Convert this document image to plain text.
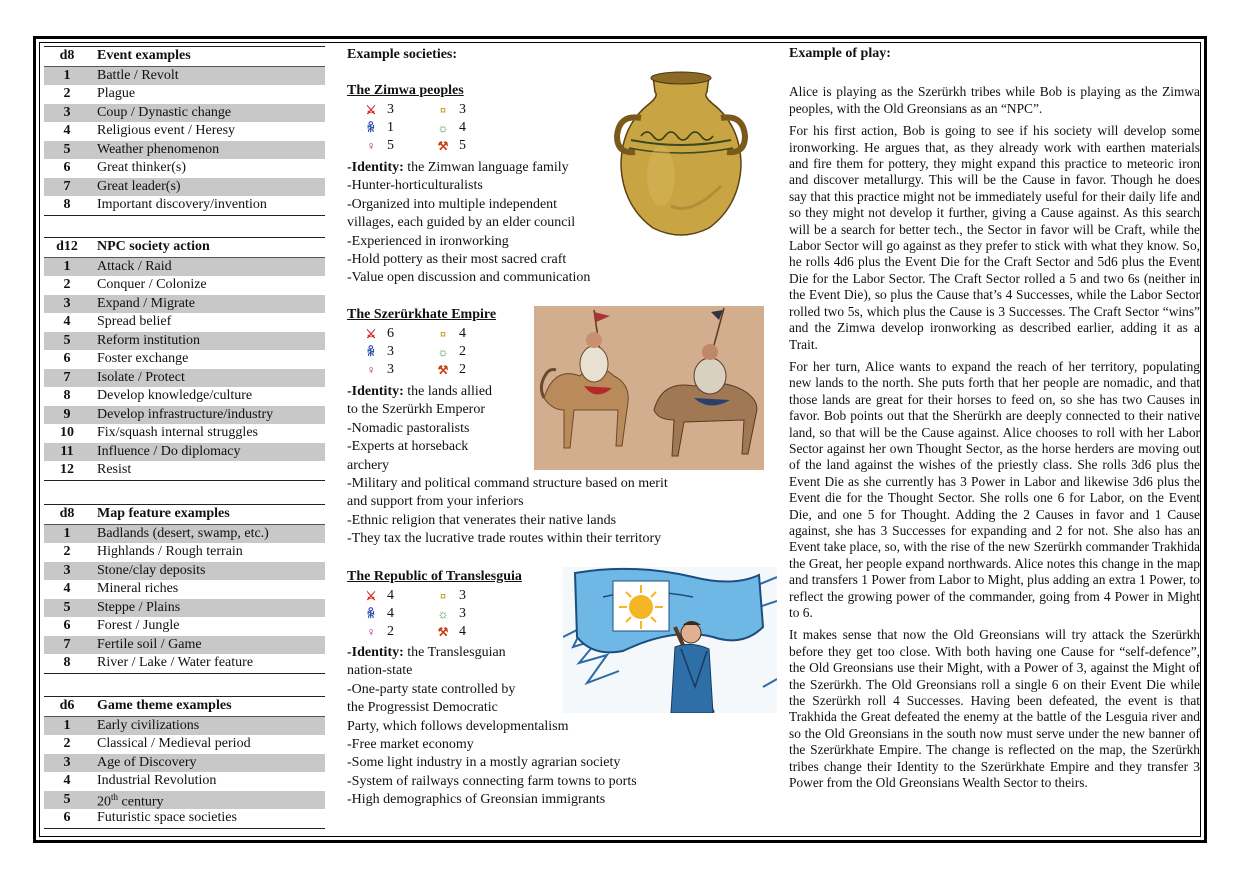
d8	Event examples
1	Battle / Revolt
2	Plague
3	Coup / Dynastic change
4	Religious event / Heresy
5	Weather phenomenon
6	Great thinker(s)
7	Great leader(s)
8	Important discovery/invention
d12	NPC society action
1	Attack / Raid
2	Conquer / Colonize
3	Expand / Migrate
4	Spread belief
5	Reform institution
6	Foster exchange
7	Isolate / Protect
8	Develop knowledge/culture
9	Develop infrastructure/industry
10	Fix/squash internal struggles
11	Influence / Do diplomacy
12	Resist
d8	Map feature examples
1	Badlands (desert, swamp, etc.)
2	Highlands / Rough terrain
3	Stone/clay deposits
4	Mineral riches
5	Steppe / Plains
6	Forest / Jungle
7	Fertile soil / Game
8	River / Lake / Water feature
d6	Game theme examples
1	Early civilizations
2	Classical / Medieval period
3	Age of Discovery
4	Industrial Revolution
5	20th century
6	Futuristic space societies
Example societies:
The Zimwa peoples
⚔ 3	¤ 3
ꆜ 1	☼ 4
♀ 5	⚒ 5
-Identity: the Zimwan language family
-Hunter-horticulturalists
-Organized into multiple independent
villages, each guided by an elder council
-Experienced in ironworking
-Hold pottery as their most sacred craft
-Value open discussion and communication
The Szerürkhate Empire
⚔ 6	¤ 4
ꆜ 3	☼ 2
♀ 3	⚒ 2
-Identity: the lands allied
to the Szerürkh Emperor
-Nomadic pastoralists
-Experts at horseback
archery
-Military and political command structure based on merit
and support from your inferiors
-Ethnic religion that venerates their native lands
-They tax the lucrative trade routes within their territory
The Republic of Translesguia
⚔ 4	¤ 3
ꆜ 4	☼ 3
♀ 2	⚒ 4
-Identity: the Translesguian
nation-state
-One-party state controlled by
the Progressist Democratic
Party, which follows developmentalism
-Free market economy
-Some light industry in a mostly agrarian society
-System of railways connecting farm towns to ports
-High demographics of Greonsian immigrants
Example of play:

Alice is playing as the Szerürkh tribes while Bob is playing as the Zimwa peoples, with the Old Greonsians as an “NPC”.

For his first action, Bob is going to see if his society will develop some ironworking. He argues that, as they already work with earthen materials and fire them for pottery, they might expand this practice to meteoric iron and discover metallurgy. This will be the Cause in favor. Though he does say that this practice might not be immediately useful for their daily life and so they might not develop it further, giving a Cause against. As this search will be a search for better tech., the Sector in favor will be Craft, while the Labor Sector will go against as they prefer to stick with what they know. So, he rolls 4d6 plus the Event Die for the Craft Sector and 5d6 plus the Event Die for the Labor Sector. The Craft Sector rolled a 5 and two 6s (neither in the Event Die), so plus the Cause that’s 4 Successes, while the Labor Sector rolled two 5s, which plus the Cause is 3 Successes. The Craft Sector “wins” and the Zimwa develop ironworking as described earlier, adding it as a Trait.

For her turn, Alice wants to expand the reach of her territory, populating new lands to the north. She puts forth that her people are nomadic, and that those lands are great for their horses to feed on, so she has two Causes in favor. Bob points out that the Sherürkh are deeply connected to their native land, so that will be the Cause against. Alice chooses to roll with her Labor Sector against her own Thought Sector, as the horse herders are moving out of the land against the wishes of the priestly class. She rolls 3d6 plus the Event Die as she currently has 3 Power in Labor and likewise 3d6 plus the Event die for the Thought Sector. She rolls one 6 for Labor, on the Event Die, and one 5 for Thought. Adding the 2 Causes in favor and 1 Cause against, she has 3 Successes for expanding and 2 for not. She also has an Event take place, so, with the rise of the new Szerürkh commander Trakhida the Great, her people expand northwards. Alice notes this change in the map and transfers 1 Power from Labor to Might, plus adding an extra 1 Power, to reflect the growing power of the commander, going from 4 Power in Might to 6.

It makes sense that now the Old Greonsians will try attack the Szerürkh before they get too close. With both having one Cause for “self-defence”, the Old Greonsians use their Might, with a Power of 3, against the Might of the Szerürkh. The Old Greonsians roll a single 6 on their Event Die while the Szerürkh roll 4 Successes. Having been defeated, the event is that Trakhida the Great defeated the enemy at the battle of the Lesguia river and so the Old Greonsians in the south now must serve under the new banner of the Szerürkhate Empire. The change is reflected on the map, the Szerürkh tribes change their Identity to the Szerürkhate Empire and they transfer 3 Power from the Old Greonsians Wealth Sector to theirs.
